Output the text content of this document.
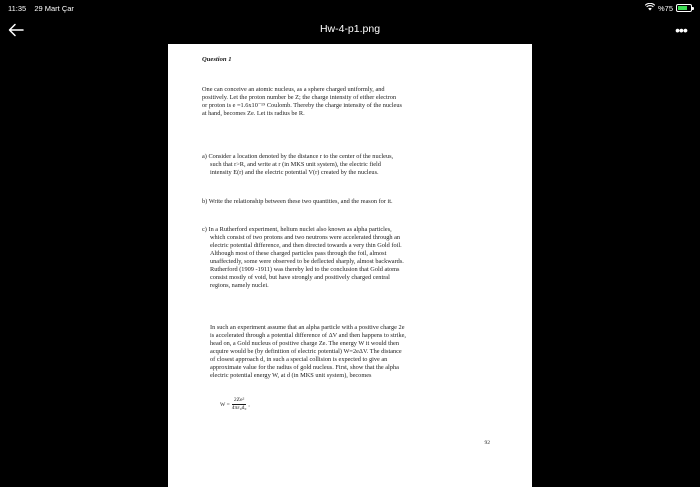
11:35 29 Mart Çar	%75
Hw-4-p1.png	•••
Question 1
One can conceive an atomic nucleus, as a sphere charged uniformly, and
positively. Let the proton number be Z; the charge intensity of either electron
or proton is e =1.6x10⁻¹⁹ Coulomb. Thereby the charge intensity of the nucleus
at hand, becomes Ze. Let its radius be R.
a) Consider a location denoted by the distance r to the center of the nucleus,
such that r>R, and write at r (in MKS unit system), the electric field
intensity E(r) and the electric potential V(r) created by the nucleus.
b) Write the relationship between these two quantities, and the reason for it.
c) In a Rutherford experiment, helium nuclei also known as alpha particles,
which consist of two protons and two neutrons were accelerated through an
electric potential difference, and then directed towards a very thin Gold foil.
Although most of these charged particles pass through the foil, almost
unaffectedly, some were observed to be deflected sharply, almost backwards.
Rutherford (1909 -1911) was thereby led to the conclusion that Gold atoms
consist mostly of void, but have strongly and positively charged central
regions, namely nuclei.
In such an experiment assume that an alpha particle with a positive charge 2e
is accelerated through a potential difference of ΔV and then happens to strike,
head on, a Gold nucleus of positive charge Ze. The energy W it would then
acquire would be (by definition of electric potential) W=2eΔV. The distance
of closest approach d, in such a special collision is expected to give an
approximate value for the radius of gold nucleus. First, show that the alpha
electric potential energy W, at d (in MKS unit system), becomes
$W = \frac{\text{2Ze²}}{\text{4πε₀d₀}}$ ,
92
